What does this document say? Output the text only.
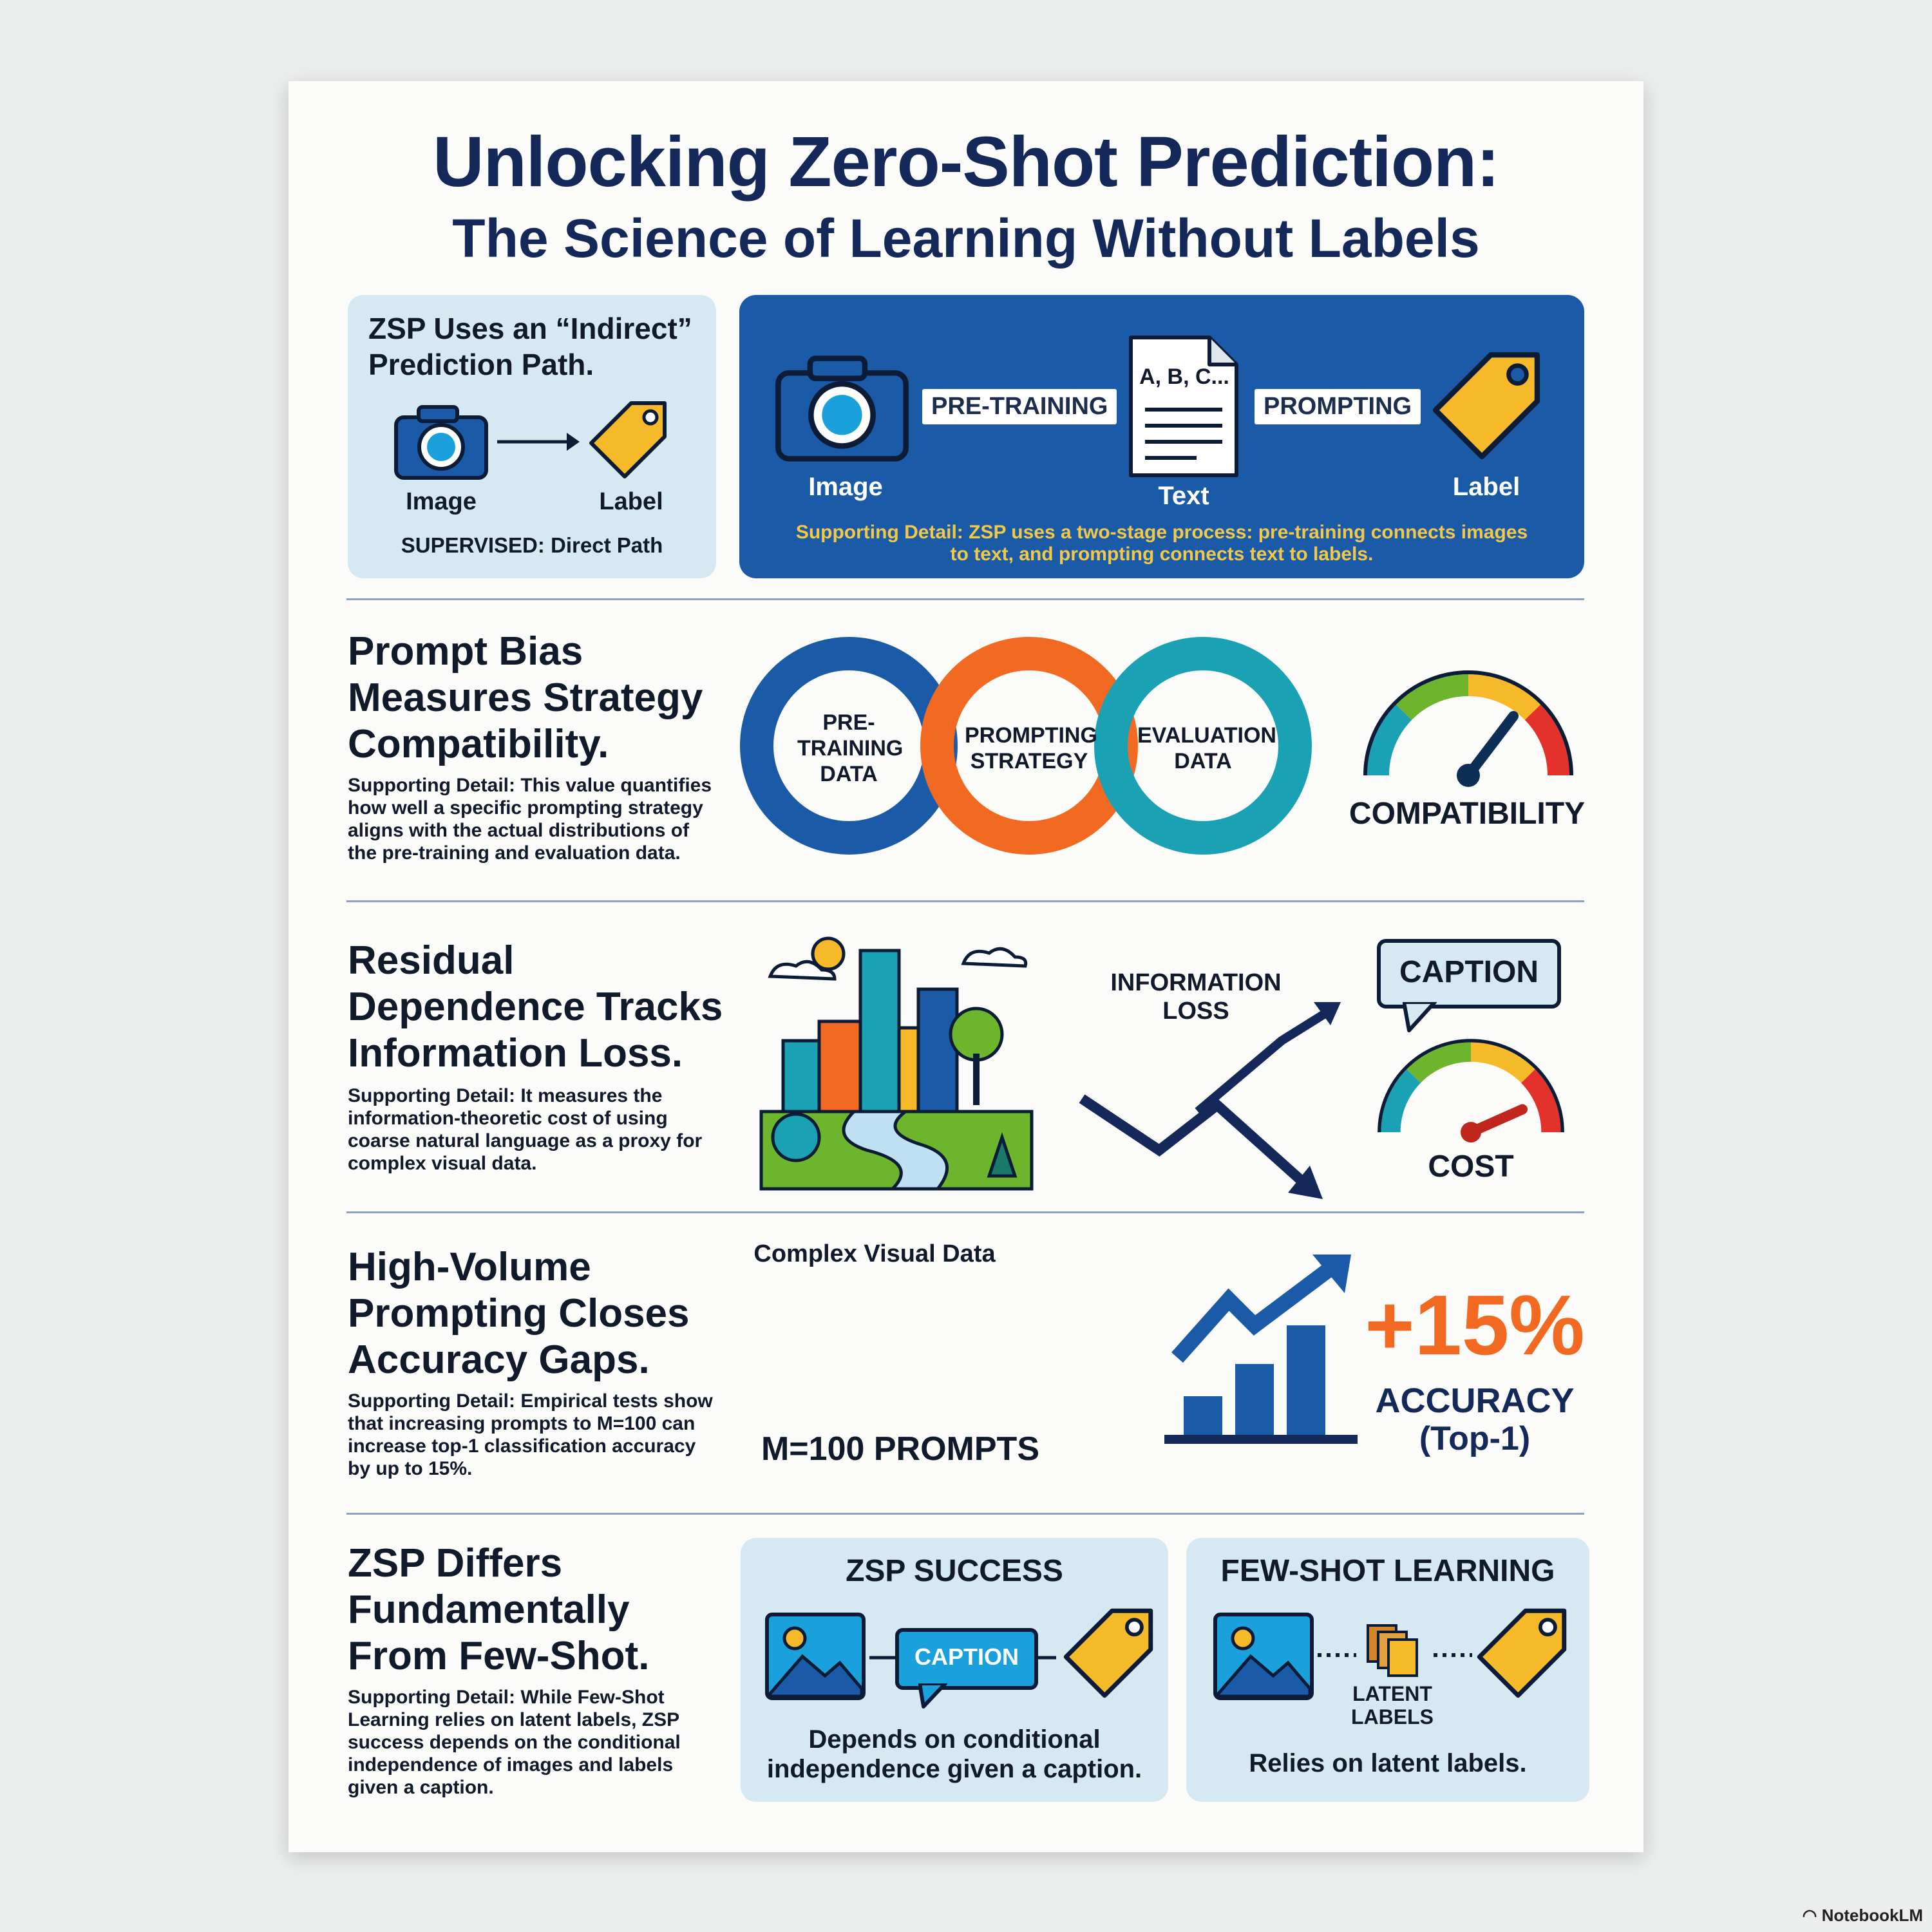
Unlocking Zero-Shot Prediction:
The Science of Learning Without Labels
ZSP Uses an “Indirect” Prediction Path.
Image	Label
SUPERVISED: Direct Path
PRE-TRAINING
A, B, C...
PROMPTING
Image	Text	Label
Supporting Detail: ZSP uses a two-stage process: pre-training connects images to text, and prompting connects text to labels.
Prompt Bias Measures Strategy Compatibility.
Supporting Detail: This value quantifies how well a specific prompting strategy aligns with the actual distributions of the pre-training and evaluation data.
PRE-TRAINING DATA
PROMPTING STRATEGY
EVALUATION DATA
COMPATIBILITY
Residual Dependence Tracks Information Loss.
Supporting Detail: It measures the information-theoretic cost of using coarse natural language as a proxy for complex visual data.
Complex Visual Data
INFORMATION LOSS
CAPTION
COST
High-Volume Prompting Closes Accuracy Gaps.
Supporting Detail: Empirical tests show that increasing prompts to M=100 can increase top-1 classification accuracy by up to 15%.
M=100 PROMPTS
+15%
ACCURACY
(Top-1)
ZSP Differs Fundamentally From Few-Shot.
Supporting Detail: While Few-Shot Learning relies on latent labels, ZSP success depends on the conditional independence of images and labels given a caption.
ZSP SUCCESS
CAPTION
Depends on conditional independence given a caption.
FEW-SHOT LEARNING
LATENT LABELS
Relies on latent labels.
◠ NotebookLM
